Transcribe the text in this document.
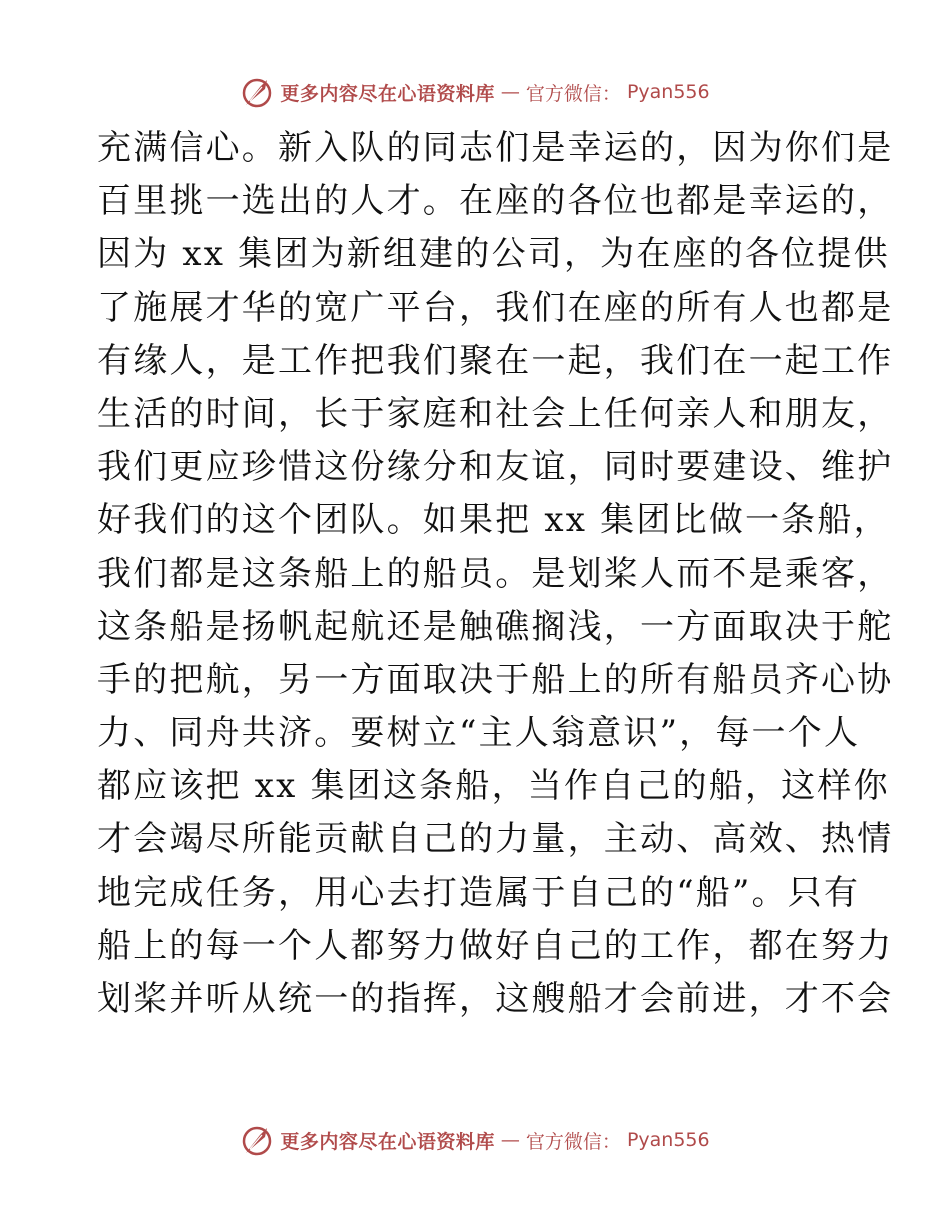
更多内容尽在心语资料库 — 官方微信： Pyan556
充满信心。新入队的同志们是幸运的，因为你们是
百里挑一选出的人才。在座的各位也都是幸运的，
因为 xx 集团为新组建的公司，为在座的各位提供
了施展才华的宽广平台，我们在座的所有人也都是
有缘人，是工作把我们聚在一起，我们在一起工作
生活的时间，长于家庭和社会上任何亲人和朋友，
我们更应珍惜这份缘分和友谊，同时要建设、维护
好我们的这个团队。如果把 xx 集团比做一条船，
我们都是这条船上的船员。是划桨人而不是乘客，
这条船是扬帆起航还是触礁搁浅，一方面取决于舵
手的把航，另一方面取决于船上的所有船员齐心协
力、同舟共济。要树立“主人翁意识”，每一个人
都应该把 xx 集团这条船，当作自己的船，这样你
才会竭尽所能贡献自己的力量，主动、高效、热情
地完成任务，用心去打造属于自己的“船”。只有
船上的每一个人都努力做好自己的工作，都在努力
划桨并听从统一的指挥，这艘船才会前进，才不会
更多内容尽在心语资料库 — 官方微信： Pyan556
